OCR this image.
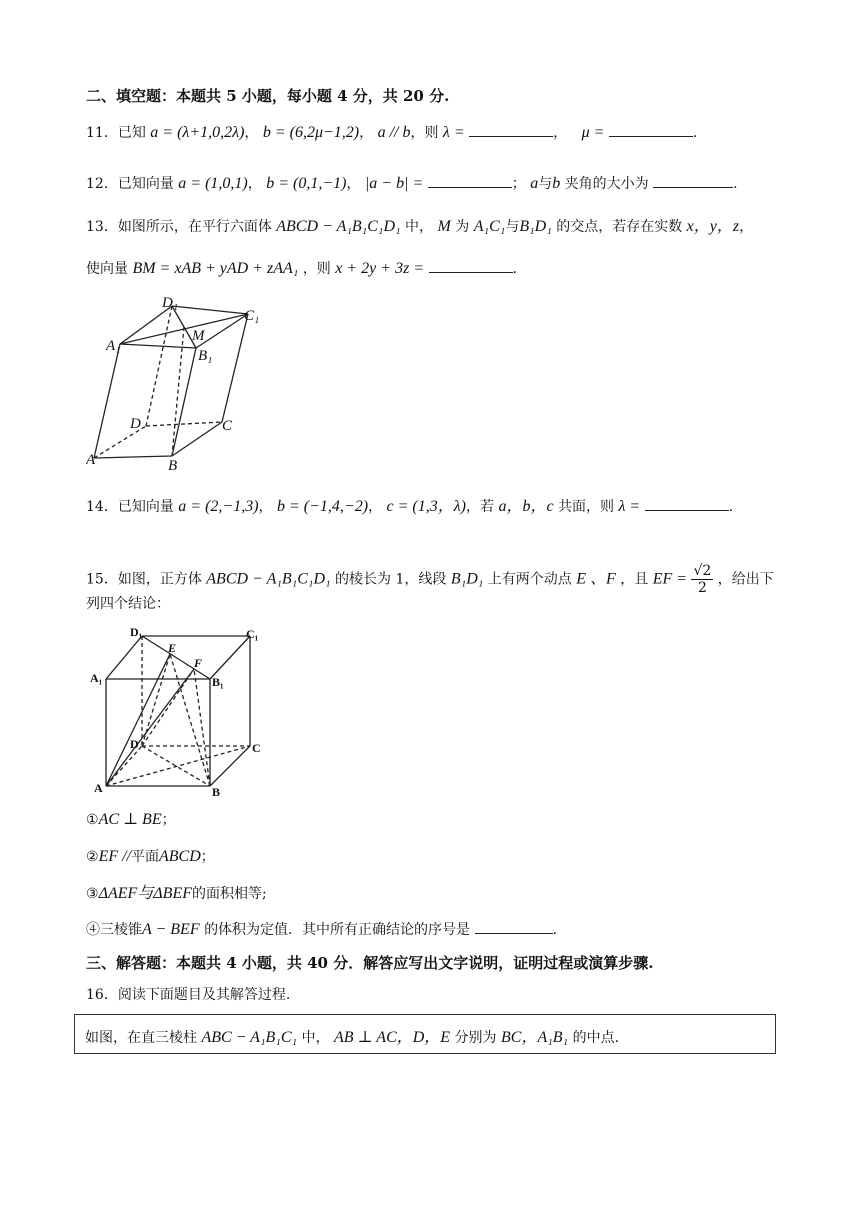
二、填空题：本题共 5 小题，每小题 4 分，共 20 分.
11．已知 a = (λ+1,0,2λ)， b = (6,2μ−1,2)， a // b，则 λ =	， μ =	.
12．已知向量 a = (1,0,1)， b = (0,1,−1)， |a − b| =	； a与b 夹角的大小为	.
13．如图所示，在平行六面体 ABCD − A₁B₁C₁D₁ 中， M 为 A₁C₁与B₁D₁ 的交点，若存在实数 x，y，z，
使向量 BM = xAB + yAD + zAA₁ ，则 x + 2y + 3z =	.
D₁
C₁
A₁
M
B₁
D	C
A	B
14．已知向量 a = (2,−1,3)， b = (−1,4,−2)， c = (1,3，λ)，若 a，b，c 共面，则 λ =	.
15．如图，正方体 ABCD − A₁B₁C₁D₁ 的棱长为 1，线段 B₁D₁ 上有两个动点 E 、F ，且 EF = $\frac{√2}{2}$ ，给出下
列四个结论：
D₁	C₁
E
F
A₁	B₁
D	C
A	B
①AC ⊥ BE；
②EF //平面ABCD；
③ΔAEF与ΔBEF的面积相等;
④三棱锥A − BEF 的体积为定值．其中所有正确结论的序号是	.
三、解答题：本题共 4 小题，共 40 分．解答应写出文字说明，证明过程或演算步骤.
16．阅读下面题目及其解答过程.
如图，在直三棱柱 ABC − A₁B₁C₁ 中， AB ⊥ AC，D，E 分别为 BC，A₁B₁ 的中点.
